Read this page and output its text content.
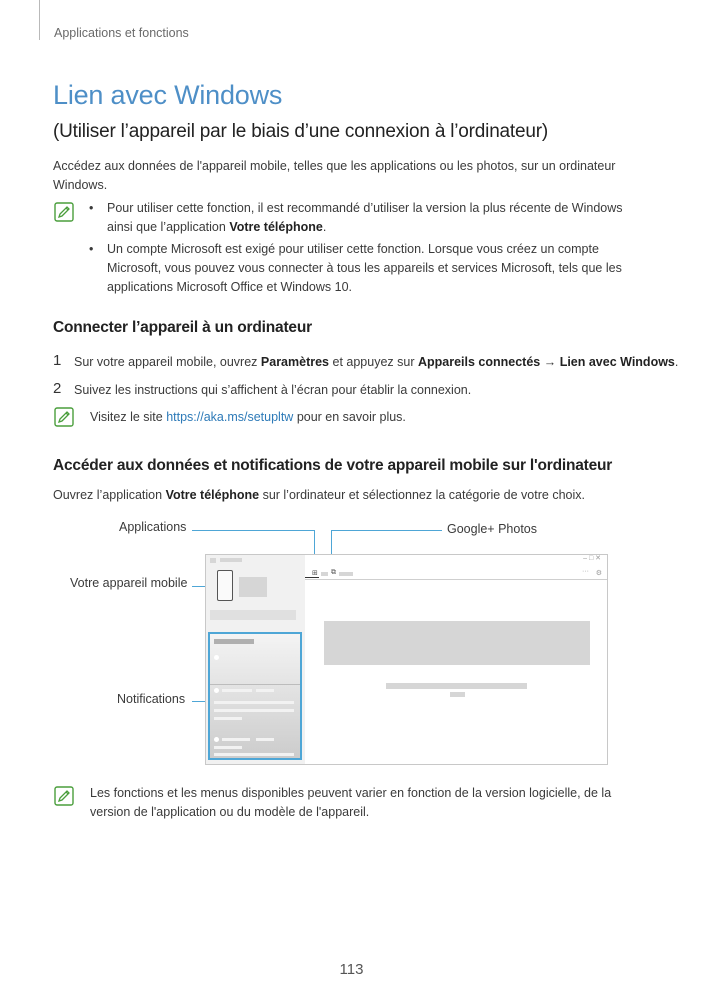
Applications et fonctions
Lien avec Windows
(Utiliser l’appareil par le biais d’une connexion à l’ordinateur)
Accédez aux données de l'appareil mobile, telles que les applications ou les photos, sur un ordinateur
Windows.
• Pour utiliser cette fonction, il est recommandé d’utiliser la version la plus récente de Windows
ainsi que l’application Votre téléphone.
• Un compte Microsoft est exigé pour utiliser cette fonction. Lorsque vous créez un compte
Microsoft, vous pouvez vous connecter à tous les appareils et services Microsoft, tels que les
applications Microsoft Office et Windows 10.
Connecter l’appareil à un ordinateur
1 Sur votre appareil mobile, ouvrez Paramètres et appuyez sur Appareils connectés → Lien avec Windows.
2 Suivez les instructions qui s’affichent à l’écran pour établir la connexion.
Visitez le site https://aka.ms/setupltw pour en savoir plus.
Accéder aux données et notifications de votre appareil mobile sur l'ordinateur
Ouvrez l’application Votre téléphone sur l’ordinateur et sélectionnez la catégorie de votre choix.
Applications	Google+ Photos
Votre appareil mobile
Notifications
– □ ✕
··· ⚙
⊞ ⧉
Les fonctions et les menus disponibles peuvent varier en fonction de la version logicielle, de la
version de l'application ou du modèle de l'appareil.
113
